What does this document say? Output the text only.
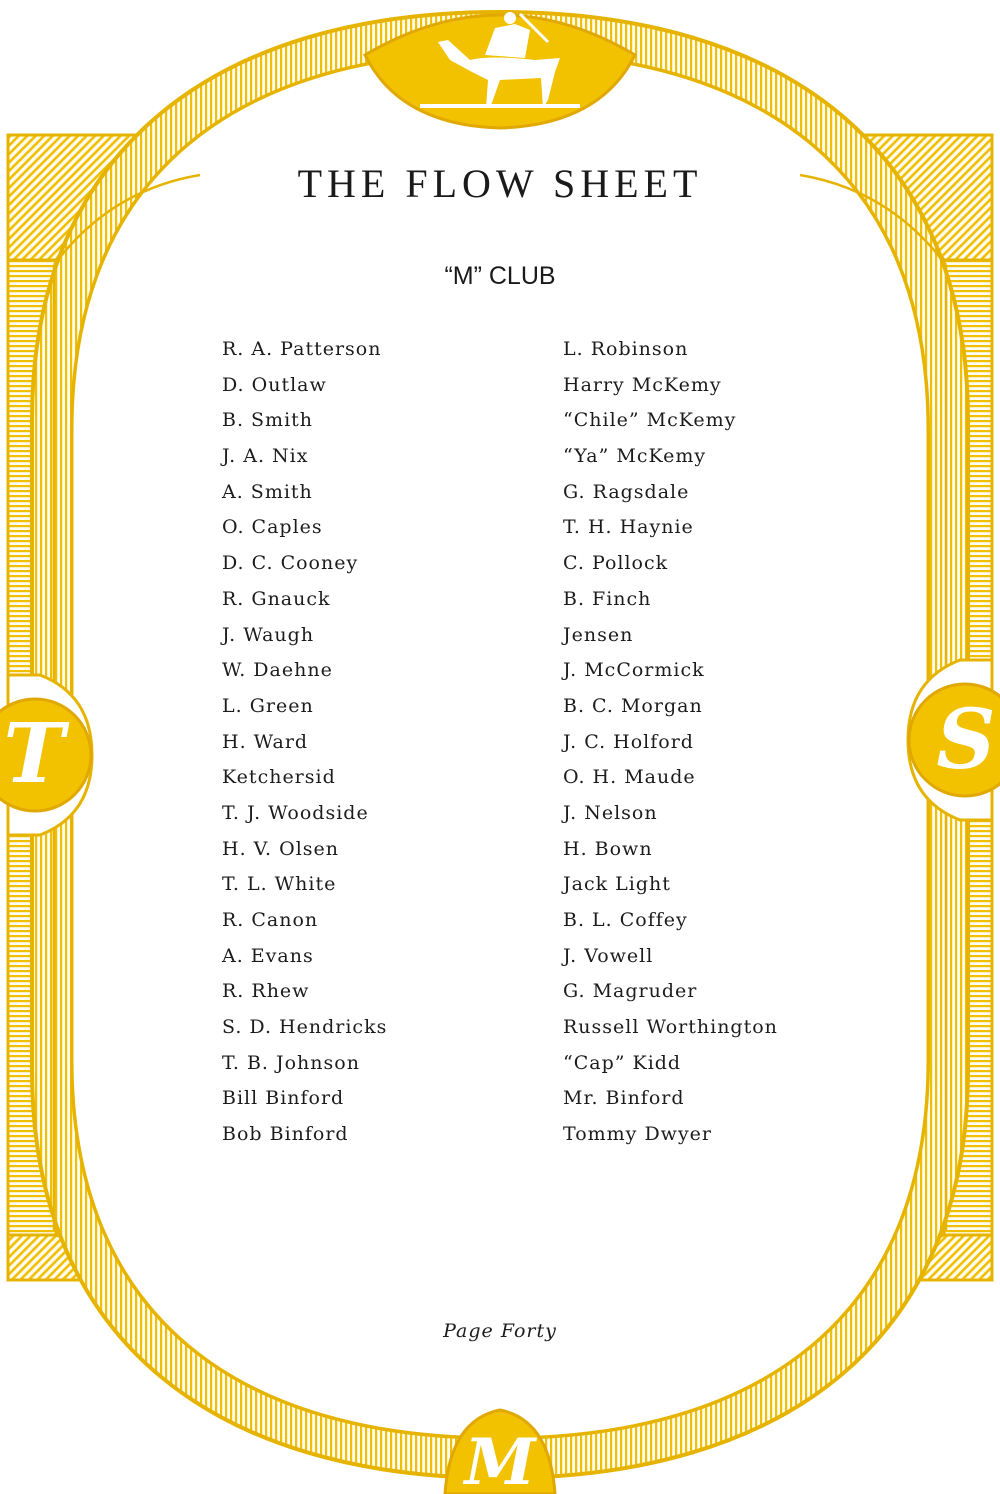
T	S
M
THE FLOW SHEET
“M” CLUB
R. A. Patterson
D. Outlaw
B. Smith
J. A. Nix
A. Smith
O. Caples
D. C. Cooney
R. Gnauck
J. Waugh
W. Daehne
L. Green
H. Ward
Ketchersid
T. J. Woodside
H. V. Olsen
T. L. White
R. Canon
A. Evans
R. Rhew
S. D. Hendricks
T. B. Johnson
Bill Binford
Bob Binford
L. Robinson
Harry McKemy
“Chile” McKemy
“Ya” McKemy
G. Ragsdale
T. H. Haynie
C. Pollock
B. Finch
Jensen
J. McCormick
B. C. Morgan
J. C. Holford
O. H. Maude
J. Nelson
H. Bown
Jack Light
B. L. Coffey
J. Vowell
G. Magruder
Russell Worthington
“Cap” Kidd
Mr. Binford
Tommy Dwyer
Page Forty
